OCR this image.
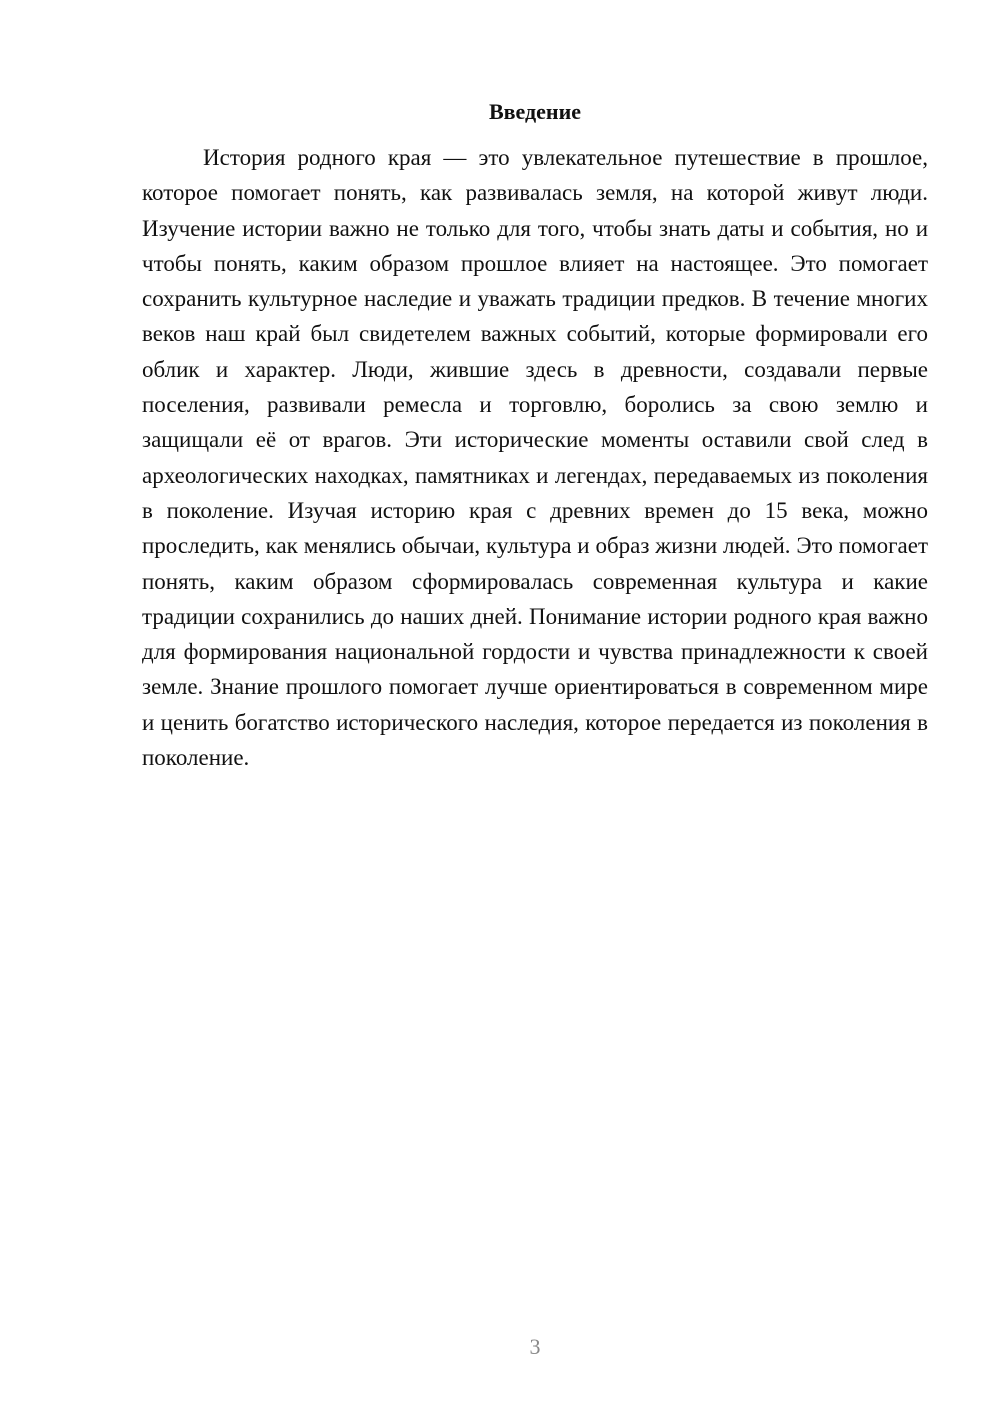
Введение

История родного края — это увлекательное путешествие в прошлое, которое помогает понять, как развивалась земля, на которой живут люди. Изучение истории важно не только для того, чтобы знать даты и события, но и чтобы понять, каким образом прошлое влияет на настоящее. Это помогает сохранить культурное наследие и уважать традиции предков. В течение многих веков наш край был свидетелем важных событий, которые формировали его облик и характер. Люди, жившие здесь в древности, создавали первые поселения, развивали ремесла и торговлю, боролись за свою землю и защищали её от врагов. Эти исторические моменты оставили свой след в археологических находках, памятниках и легендах, передаваемых из поколения в поколение. Изучая историю края с древних времен до 15 века, можно проследить, как менялись обычаи, культура и образ жизни людей. Это помогает понять, каким образом сформировалась современная культура и какие традиции сохранились до наших дней. Понимание истории родного края важно для формирования национальной гордости и чувства принадлежности к своей земле. Знание прошлого помогает лучше ориентироваться в современном мире и ценить богатство исторического наследия, которое передается из поколения в поколение.

3
